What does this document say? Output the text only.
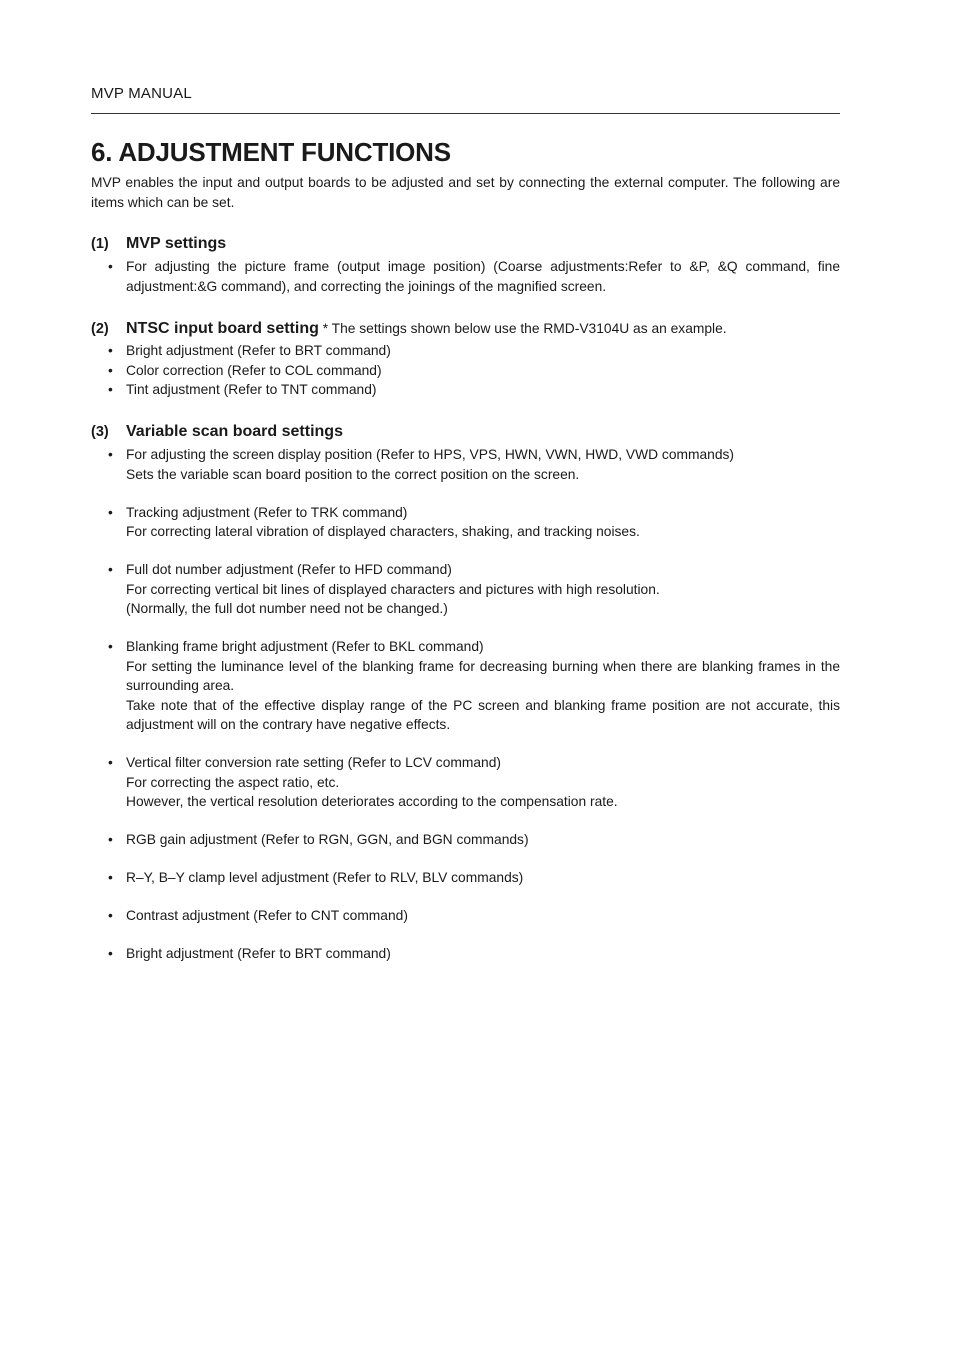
MVP MANUAL
6. ADJUSTMENT FUNCTIONS

MVP enables the input and output boards to be adjusted and set by connecting the external computer. The following are items which can be set.

(1) MVP settings
• For adjusting the picture frame (output image position) (Coarse adjustments:Refer to &P, &Q command, fine adjustment:&G command), and correcting the joinings of the magnified screen.
(2) NTSC input board setting * The settings shown below use the RMD-V3104U as an example.
• Bright adjustment (Refer to BRT command)
• Color correction (Refer to COL command)
• Tint adjustment (Refer to TNT command)
(3) Variable scan board settings
• For adjusting the screen display position (Refer to HPS, VPS, HWN, VWN, HWD, VWD commands)
Sets the variable scan board position to the correct position on the screen.
• Tracking adjustment (Refer to TRK command)
For correcting lateral vibration of displayed characters, shaking, and tracking noises.
• Full dot number adjustment (Refer to HFD command)
For correcting vertical bit lines of displayed characters and pictures with high resolution.
(Normally, the full dot number need not be changed.)
• Blanking frame bright adjustment (Refer to BKL command)
For setting the luminance level of the blanking frame for decreasing burning when there are blanking frames in the surrounding area.
Take note that of the effective display range of the PC screen and blanking frame position are not accurate, this adjustment will on the contrary have negative effects.
• Vertical filter conversion rate setting (Refer to LCV command)
For correcting the aspect ratio, etc.
However, the vertical resolution deteriorates according to the compensation rate.
• RGB gain adjustment (Refer to RGN, GGN, and BGN commands)
• R–Y, B–Y clamp level adjustment (Refer to RLV, BLV commands)
• Contrast adjustment (Refer to CNT command)
• Bright adjustment (Refer to BRT command)
